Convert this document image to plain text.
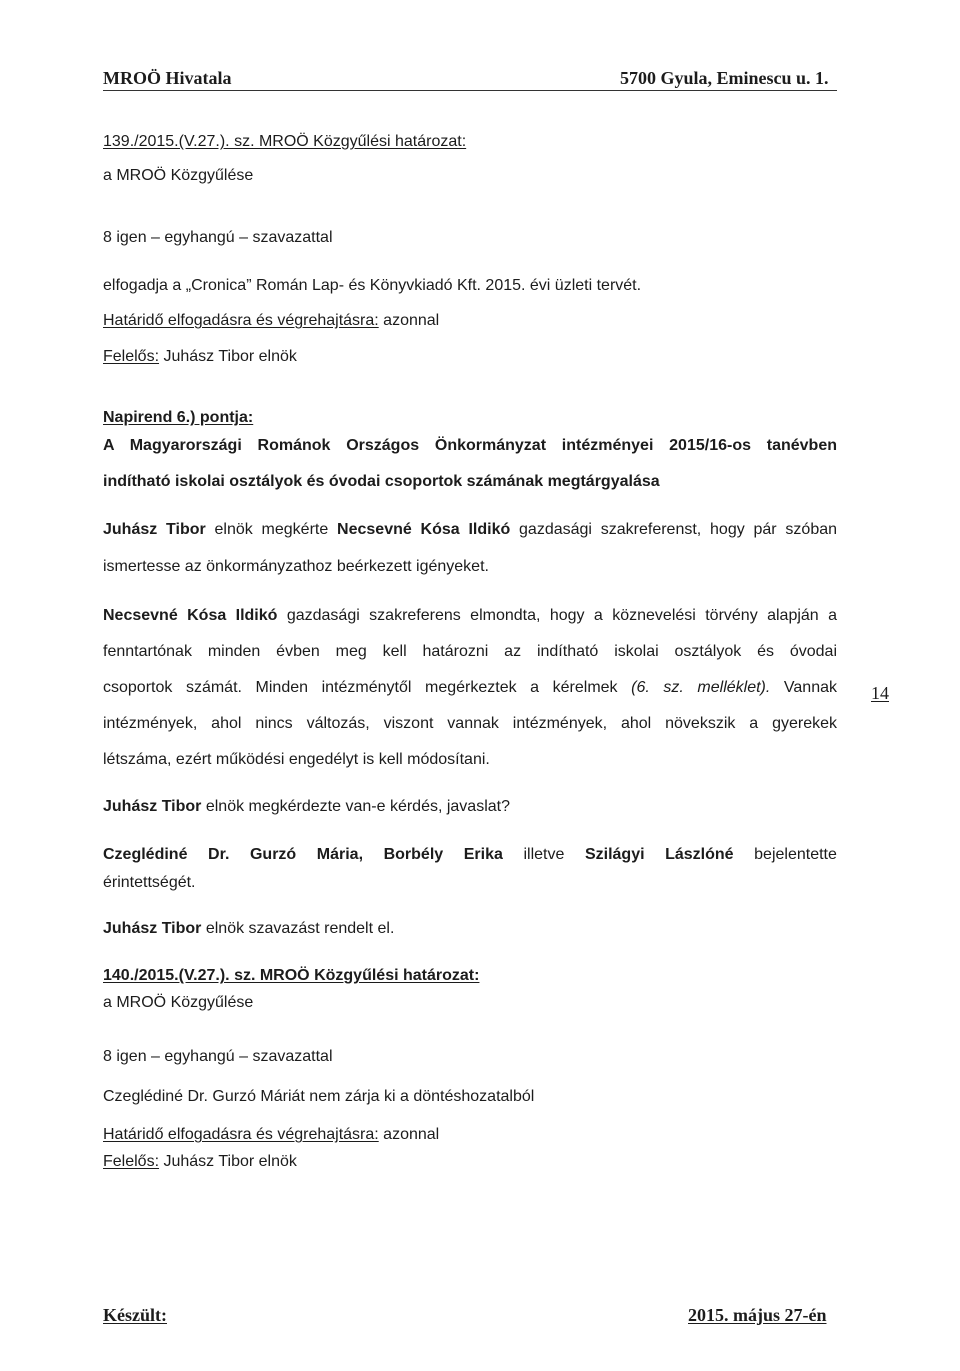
MROÖ Hivatala	5700 Gyula, Eminescu u. 1.
139./2015.(V.27.). sz. MROÖ Közgyűlési határozat:
a MROÖ Közgyűlése
8 igen – egyhangú – szavazattal
elfogadja a „Cronica” Román Lap- és Könyvkiadó Kft. 2015. évi üzleti tervét.
Határidő elfogadásra és végrehajtásra: azonnal
Felelős: Juhász Tibor elnök
Napirend 6.) pontja:
A Magyarországi Románok Országos Önkormányzat intézményei 2015/16-os tanévben
indítható iskolai osztályok és óvodai csoportok számának megtárgyalása
Juhász Tibor elnök megkérte Necsevné Kósa Ildikó gazdasági szakreferenst, hogy pár szóban
ismertesse az önkormányzathoz beérkezett igényeket.
Necsevné Kósa Ildikó gazdasági szakreferens elmondta, hogy a köznevelési törvény alapján a
fenntartónak minden évben meg kell határozni az indítható iskolai osztályok és óvodai
csoportok számát. Minden intézménytől megérkeztek a kérelmek (6. sz. melléklet). Vannak
intézmények, ahol nincs változás, viszont vannak intézmények, ahol növekszik a gyerekek
létszáma, ezért működési engedélyt is kell módosítani.
14
Juhász Tibor elnök megkérdezte van-e kérdés, javaslat?
Czeglédiné Dr. Gurzó Mária, Borbély Erika illetve Szilágyi Lászlóné bejelentette
érintettségét.
Juhász Tibor elnök szavazást rendelt el.
140./2015.(V.27.). sz. MROÖ Közgyűlési határozat:
a MROÖ Közgyűlése
8 igen – egyhangú – szavazattal
Czeglédiné Dr. Gurzó Máriát nem zárja ki a döntéshozatalból
Határidő elfogadásra és végrehajtásra: azonnal
Felelős: Juhász Tibor elnök
Készült:	2015. május 27-én
